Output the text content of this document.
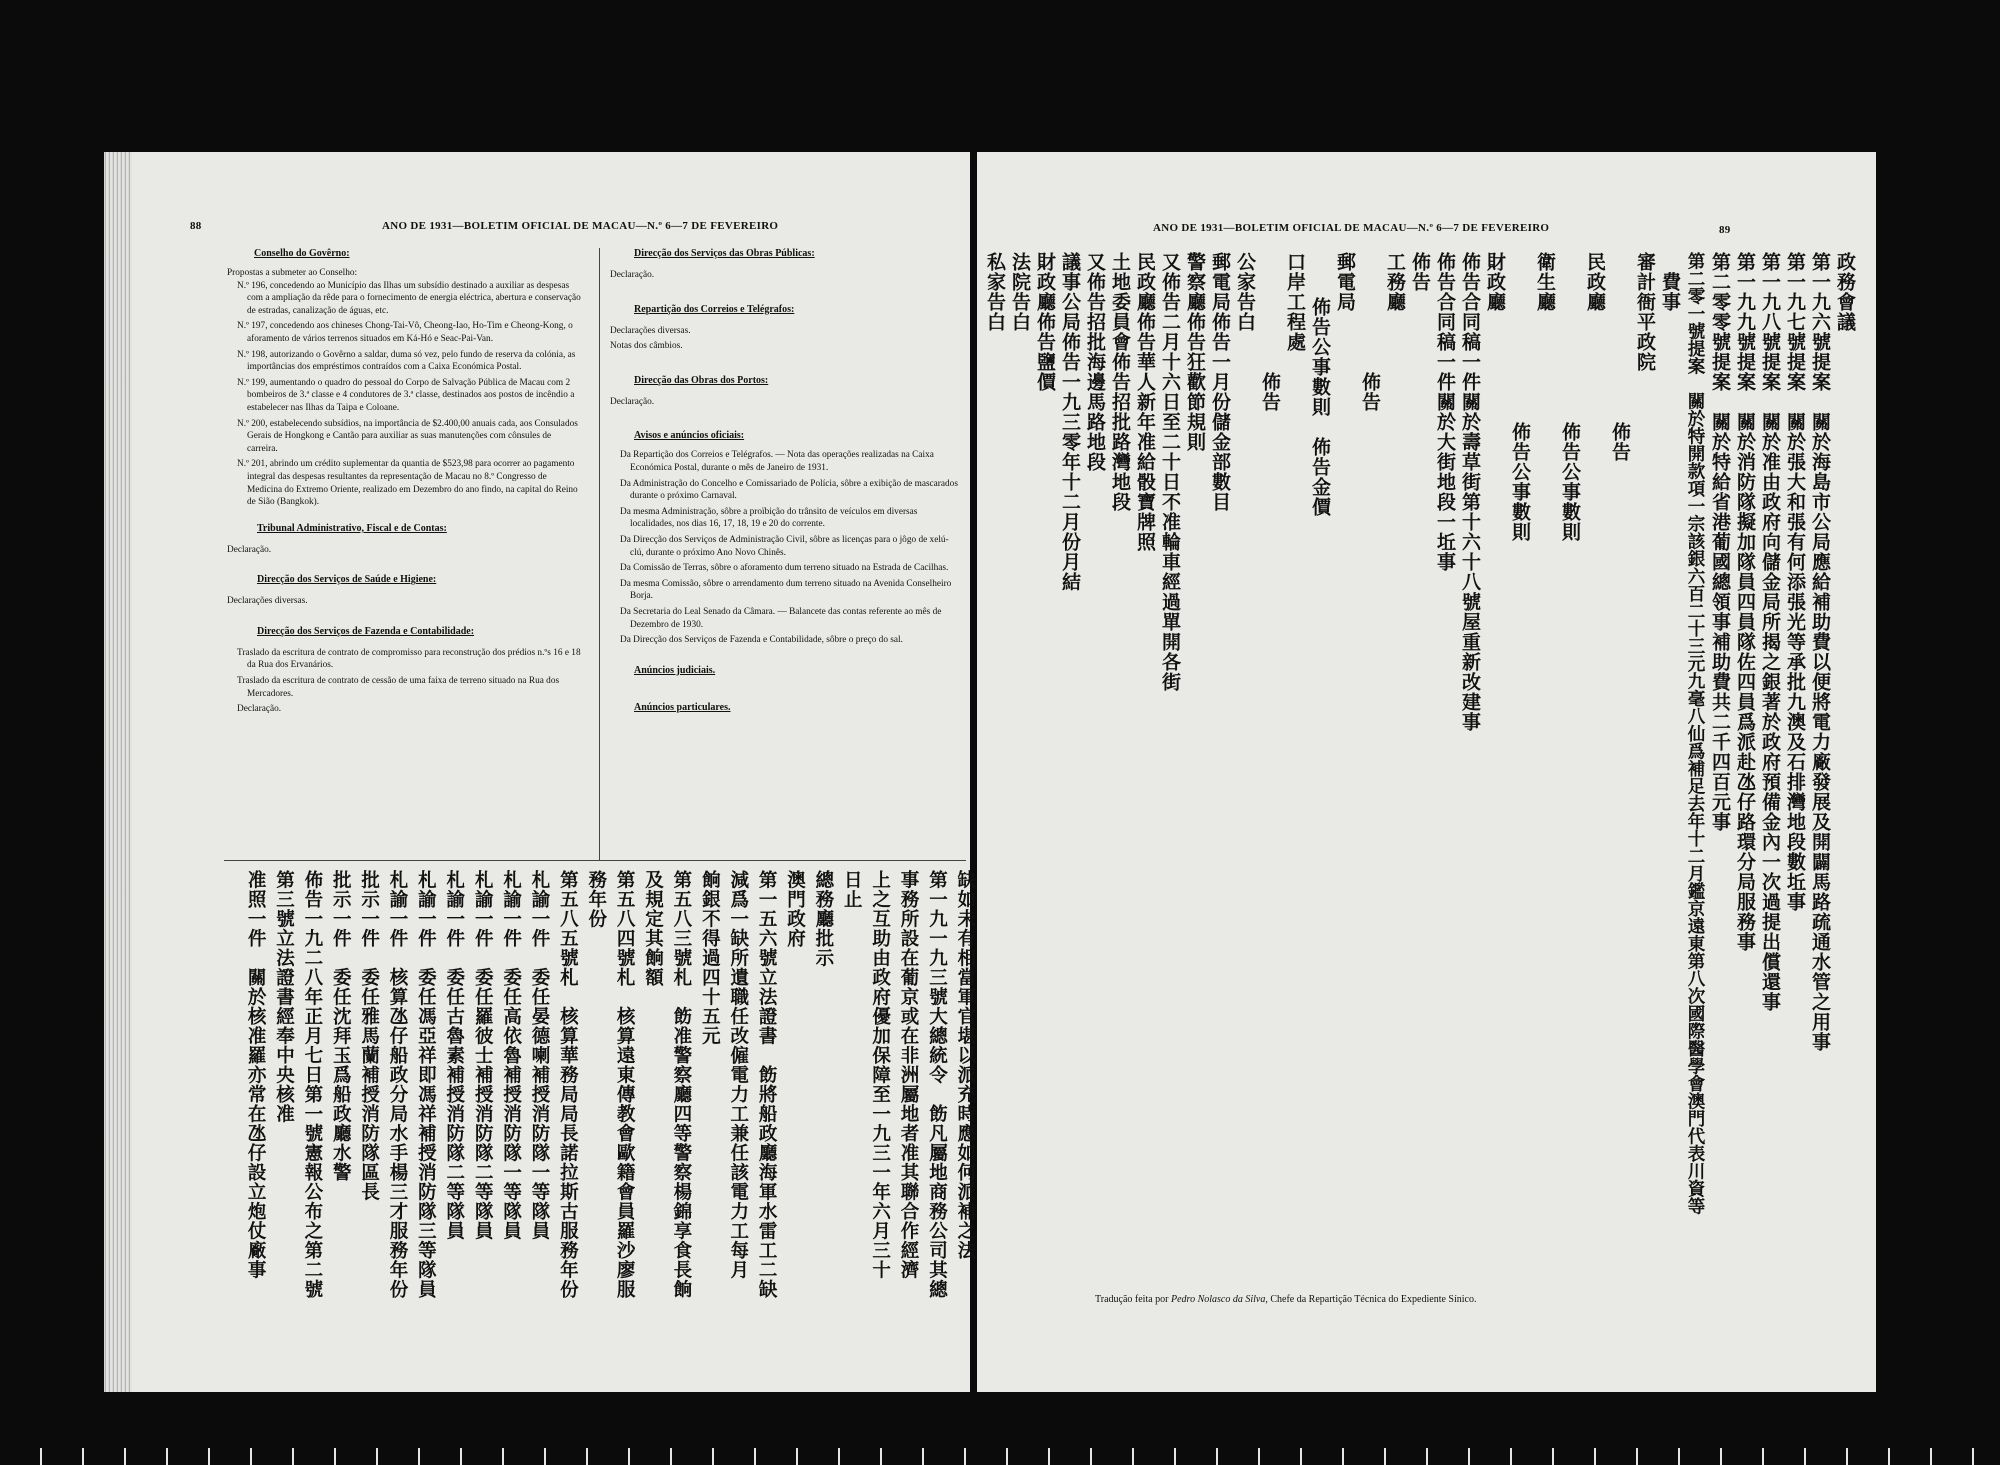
88	ANO DE 1931—BOLETIM OFICIAL DE MACAU—N.º 6—7 DE FEVEREIRO
Conselho do Govêrno:
Propostas a submeter ao Conselho:

N.º 196, concedendo ao Município das Ilhas um subsídio destinado a auxiliar as despesas com a ampliação da rêde para o fornecimento de energia eléctrica, abertura e conservação de estradas, canalização de águas, etc.

N.º 197, concedendo aos chineses Chong-Tai-Vô, Cheong-Iao, Ho-Tim e Cheong-Kong, o aforamento de vários terrenos situados em Ká-Hó e Seac-Pai-Van.

N.º 198, autorizando o Govêrno a saldar, duma só vez, pelo fundo de reserva da colónia, as importâncias dos empréstimos contraídos com a Caixa Económica Postal.

N.º 199, aumentando o quadro do pessoal do Corpo de Salvação Pública de Macau com 2 bombeiros de 3.ª classe e 4 condutores de 3.ª classe, destinados aos postos de incêndio a estabelecer nas Ilhas da Taipa e Coloane.

N.º 200, estabelecendo subsídios, na importância de $2.400,00 anuais cada, aos Consulados Gerais de Hongkong e Cantão para auxiliar as suas manutenções com cônsules de carreira.

N.º 201, abrindo um crédito suplementar da quantia de $523,98 para ocorrer ao pagamento integral das despesas resultantes da representação de Macau no 8.º Congresso de Medicina do Extremo Oriente, realizado em Dezembro do ano findo, na capital do Reino de Sião (Bangkok).

Tribunal Administrativo, Fiscal e de Contas:
Declaração.
Direcção dos Serviços de Saúde e Higiene:
Declarações diversas.
Direcção dos Serviços de Fazenda e Contabilidade:

Traslado da escritura de contrato de compromisso para reconstrução dos prédios n.ºs 16 e 18 da Rua dos Ervanários.

Traslado da escritura de contrato de cessão de uma faixa de terreno situado na Rua dos Mercadores.

Declaração.

Direcção dos Serviços das Obras Públicas:
Declaração.
Repartição dos Correios e Telégrafos:

Declarações diversas.

Notas dos câmbios.

Direcção das Obras dos Portos:
Declaração.
Avisos e anúncios oficiais:

Da Repartição dos Correios e Telégrafos. — Nota das operações realizadas na Caixa Económica Postal, durante o mês de Janeiro de 1931.

Da Administração do Concelho e Comissariado de Polícia, sôbre a exibição de mascarados durante o próximo Carnaval.

Da mesma Administração, sôbre a proïbição do trânsito de veículos em diversas localidades, nos dias 16, 17, 18, 19 e 20 do corrente.

Da Direcção dos Serviços de Administração Civil, sôbre as licenças para o jôgo de xelú-clú, durante o próximo Ano Novo Chinês.

Da Comissão de Terras, sôbre o aforamento dum terreno situado na Estrada de Cacilhas.

Da mesma Comissão, sôbre o arrendamento dum terreno situado na Avenida Conselheiro Borja.

Da Secretaria do Leal Senado da Câmara. — Balancete das contas referente ao mês de Dezembro de 1930.

Da Direcção dos Serviços de Fazenda e Contabilidade, sôbre o preço do sal.

Anúncios judiciais.
Anúncios particulares.
缺如未有相當軍官堪以派充時應如何派補之法
第一九一九三號大總統令　飭凡屬地商務公司其總
事務所設在葡京或在非洲屬地者准其聯合作經濟
上之互助由政府優加保障至一九三一年六月三十
日止
總務廳批示
澳門政府
第一五六號立法證書　飭將船政廳海軍水雷工二缺
減爲一缺所遺職任改僱電力工兼任該電力工每月
餉銀不得過四十五元
第五八三號札　飭准警察廳四等警察楊錦享食長餉
及規定其餉額
第五八四號札　核算遠東傳教會歐籍會員羅沙廖服
務年份
第五八五號札　核算華務局局長諾拉斯古服務年份
札諭一件　委任晏德喇補授消防隊一等隊員
札諭一件　委任高依魯補授消防隊一等隊員
札諭一件　委任羅彼士補授消防隊二等隊員
札諭一件　委任古魯素補授消防隊二等隊員
札諭一件　委任馮亞祥即馮祥補授消防隊三等隊員
札諭一件　核算氹仔船政分局水手楊三才服務年份
批示一件　委任雅馬蘭補授消防隊區長
批示一件　委任沈拜玉爲船政廳水警
佈告一九二八年正月七日第一號憲報公布之第二號
第三號立法證書經奉中央核准
准照一件　關於核准羅亦常在氹仔設立炮仗廠事
ANO DE 1931—BOLETIM OFICIAL DE MACAU—N.º 6—7 DE FEVEREIRO	89
政務會議
第一九六號提案　關於海島市公局應給補助費以便將電力廠發展及開闢馬路疏通水管之用事
第一九七號提案　關於張大和張有何添張光等承批九澳及石排灣地段數坵事
第一九八號提案　關於准由政府向儲金局所揭之銀著於政府預備金內一次過提出償還事
第一九九號提案　關於消防隊擬加隊員四員隊佐四員爲派赴氹仔路環分局服務事
第二零零號提案　關於特給省港葡國總領事補助費共二千四百元事
第二零一號提案　關於特開款項一宗該銀六百二十三元九毫八仙爲補足去年十二月鑑京遠東第八次國際醫學會澳門代表川資等
費事
審計衙平政院
佈告
民政廳
佈告公事數則
衛生廳
佈告公事數則
財政廳
佈告合同稿一件關於壽草街第十六十八號屋重新改建事
佈告合同稿一件關於大街地段一坵事
佈告
工務廳
佈告
郵電局
佈告公事數則　佈告金價
口岸工程處
佈告
公家告白
郵電局佈告一月份儲金部數目
警察廳佈告狂歡節規則
又佈告二月十六日至二十日不准輪車經過單開各街
民政廳佈告華人新年准給骰寶牌照
土地委員會佈告招批路灣地段
又佈告招批海邊馬路地段
議事公局佈告一九三零年十二月份月結
財政廳佈告鹽價
法院告白
私家告白
Tradução feita por Pedro Nolasco da Silva, Chefe da Repartição Técnica do Expediente Sínico.
